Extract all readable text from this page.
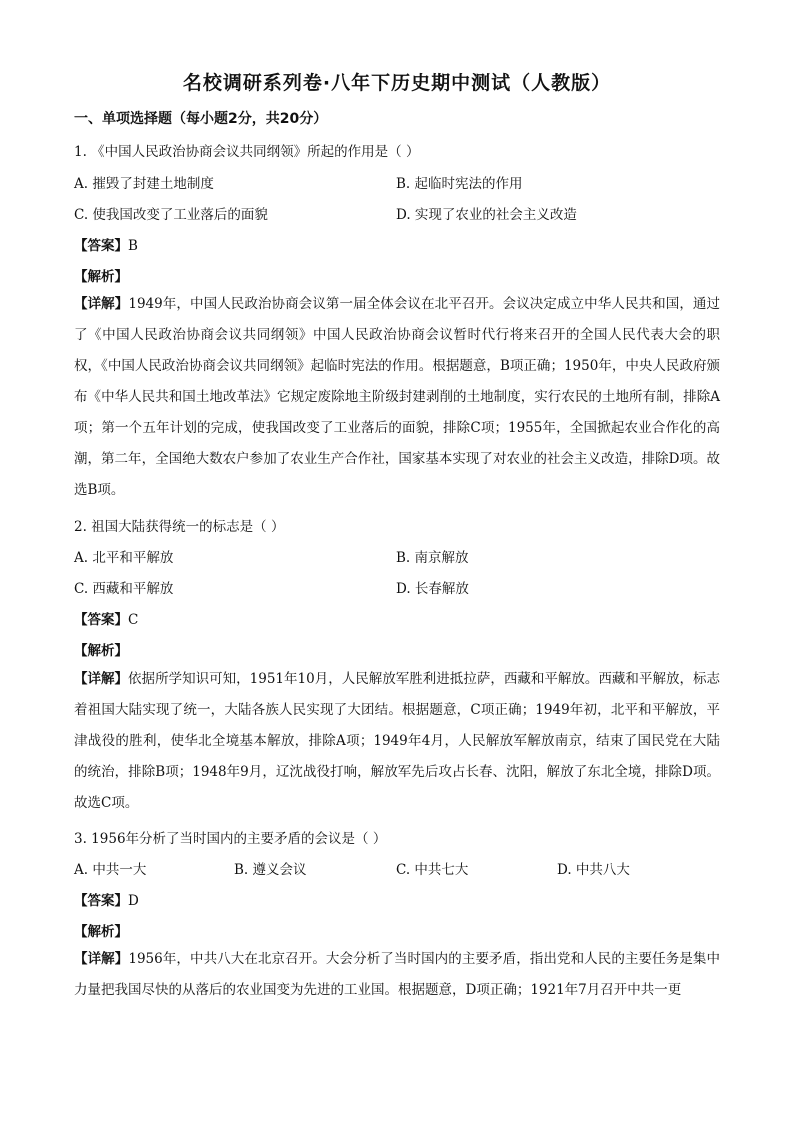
名校调研系列卷·八年下历史期中测试（人教版）
一、单项选择题（每小题2分，共20分）
1. 《中国人民政治协商会议共同纲领》所起的作用是（ ）
A. 摧毁了封建土地制度	B. 起临时宪法的作用
C. 使我国改变了工业落后的面貌	D. 实现了农业的社会主义改造
【答案】B
【解析】
【详解】1949年，中国人民政治协商会议第一届全体会议在北平召开。会议决定成立中华人民共和国，通过了《中国人民政治协商会议共同纲领》中国人民政治协商会议暂时代行将来召开的全国人民代表大会的职权，《中国人民政治协商会议共同纲领》起临时宪法的作用。根据题意，B项正确；1950年，中央人民政府颁布《中华人民共和国土地改革法》它规定废除地主阶级封建剥削的土地制度，实行农民的土地所有制，排除A项；第一个五年计划的完成，使我国改变了工业落后的面貌，排除C项；1955年，全国掀起农业合作化的高潮，第二年，全国绝大数农户参加了农业生产合作社，国家基本实现了对农业的社会主义改造，排除D项。故选B项。
2. 祖国大陆获得统一的标志是（ ）
A. 北平和平解放	B. 南京解放
C. 西藏和平解放	D. 长春解放
【答案】C
【解析】
【详解】依据所学知识可知，1951年10月，人民解放军胜利进抵拉萨，西藏和平解放。西藏和平解放，标志着祖国大陆实现了统一，大陆各族人民实现了大团结。根据题意，C项正确；1949年初，北平和平解放，平津战役的胜利，使华北全境基本解放，排除A项；1949年4月，人民解放军解放南京，结束了国民党在大陆的统治，排除B项；1948年9月，辽沈战役打响，解放军先后攻占长春、沈阳，解放了东北全境，排除D项。故选C项。
3. 1956年分析了当时国内的主要矛盾的会议是（ ）
A. 中共一大	B. 遵义会议	C. 中共七大	D. 中共八大
【答案】D
【解析】
【详解】1956年，中共八大在北京召开。大会分析了当时国内的主要矛盾，指出党和人民的主要任务是集中力量把我国尽快的从落后的农业国变为先进的工业国。根据题意，D项正确；1921年7月召开中共一更
